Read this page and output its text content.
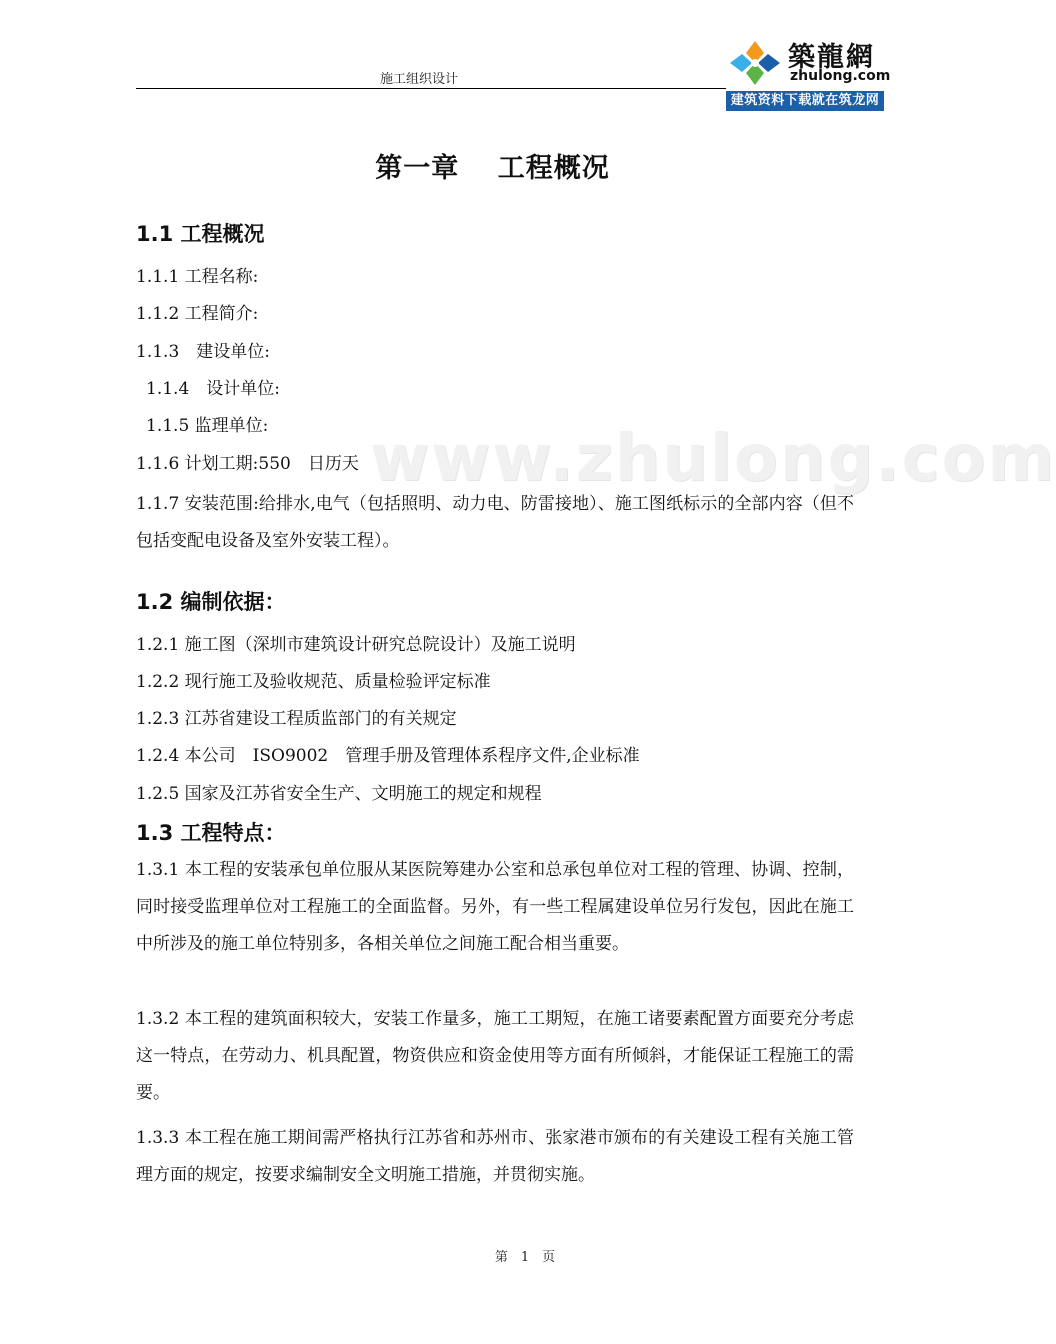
施工组织设计
築龍網
zhulong.com
建筑资料下载就在筑龙网
www.zhulong.com
第一章　 工程概况
1.1 工程概况
1.1.1 工程名称:
1.1.2 工程简介:
1.1.3　建设单位:
1.1.4　设计单位:
1.1.5 监理单位:
1.1.6 计划工期:550　日历天
1.1.7 安装范围:给排水,电气（包括照明、动力电、防雷接地）、施工图纸标示的全部内容（但不包括变配电设备及室外安装工程）。
1.2 编制依据：
1.2.1 施工图（深圳市建筑设计研究总院设计）及施工说明
1.2.2 现行施工及验收规范、质量检验评定标准
1.2.3 江苏省建设工程质监部门的有关规定
1.2.4 本公司　ISO9002　管理手册及管理体系程序文件,企业标准
1.2.5 国家及江苏省安全生产、文明施工的规定和规程
1.3 工程特点：
1.3.1 本工程的安装承包单位服从某医院筹建办公室和总承包单位对工程的管理、协调、控制，同时接受监理单位对工程施工的全面监督。另外，有一些工程属建设单位另行发包，因此在施工中所涉及的施工单位特别多，各相关单位之间施工配合相当重要。
1.3.2 本工程的建筑面积较大，安装工作量多，施工工期短，在施工诸要素配置方面要充分考虑这一特点，在劳动力、机具配置，物资供应和资金使用等方面有所倾斜，才能保证工程施工的需要。
1.3.3 本工程在施工期间需严格执行江苏省和苏州市、张家港市颁布的有关建设工程有关施工管理方面的规定，按要求编制安全文明施工措施，并贯彻实施。
第　1　页
